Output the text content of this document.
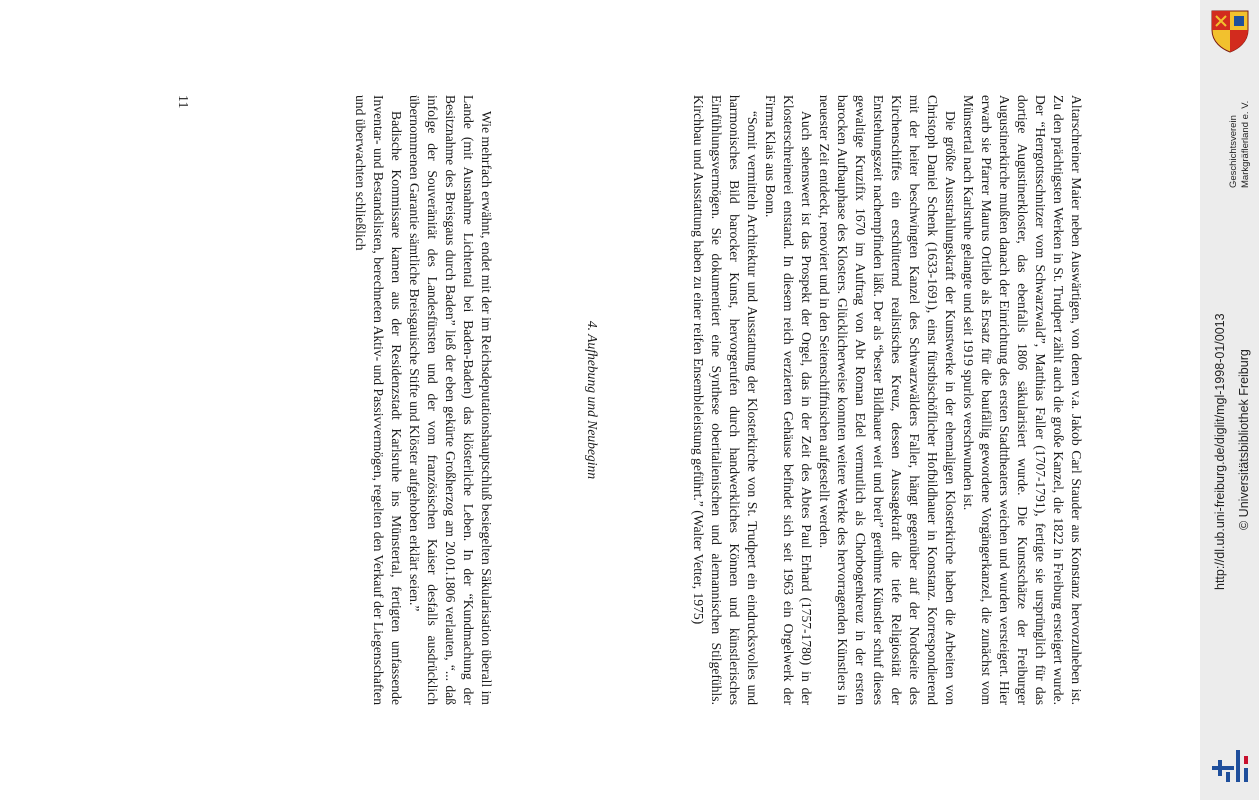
Altarschreiner Maier neben Auswärtigen, von denen v.a. Jakob Carl Stauder aus Konstanz hervorzuheben ist. Zu den prächtigsten Werken in St. Trudpert zählt auch die große Kanzel, die 1822 in Freiburg ersteigert wurde. Der “Herrgottsschnitzer vom Schwarzwald”, Matthias Faller (1707-1791), fertigte sie ursprünglich für das dortige Augustinerkloster, das ebenfalls 1806 säkularisiert wurde. Die Kunstschätze der Freiburger Augustinerkirche mußten danach der Einrichtung des ersten Stadttheaters weichen und wurden versteigert. Hier erwarb sie Pfarrer Maurus Ortlieb als Ersatz für die baufällig gewordene Vorgängerkanzel, die zunächst vom Münstertal nach Karlsruhe gelangte und seit 1919 spurlos verschwunden ist.

Die größte Ausstrahlungskraft der Kunstwerke in der ehemaligen Klosterkirche haben die Arbeiten von Christoph Daniel Schenk (1633-1691), einst fürstbischöflicher Hofbildhauer in Konstanz. Korrespondierend mit der heiter beschwingten Kanzel des Schwarzwälders Faller, hängt gegenüber auf der Nordseite des Kirchenschiffes ein erschütternd realistisches Kreuz, dessen Aussagekraft die tiefe Religiosität der Entstehungszeit nachempfinden läßt. Der als “bester Bildhauer weit und breit” gerühmte Künstler schuf dieses gewaltige Kruzifix 1670 im Auftrag von Abt Roman Edel vermutlich als Chorbogenkreuz in der ersten barocken Aufbauphase des Klosters. Glücklicherweise konnten weitere Werke des hervorragenden Künstlers in neuester Zeit entdeckt, renoviert und in den Seitenschiffnischen aufgestellt werden.

Auch sehenswert ist das Prospekt der Orgel, das in der Zeit des Abtes Paul Erhard (1757-1780) in der Klosterschreinerei entstand. In diesem reich verzierten Gehäuse befindet sich seit 1963 ein Orgelwerk der Firma Klais aus Bonn.

“Somit vermitteln Architektur und Ausstattung der Klosterkirche von St. Trudpert ein eindrucksvolles und harmonisches Bild barocker Kunst, hervorgerufen durch handwerkliches Können und künstlerisches Einfühlungsvermögen. Sie dokumentiert eine Synthese oberitalienischen und alemannischen Stilgefühls. Kirchbau und Ausstattung haben zu einer reifen Ensembleleistung geführt.” (Walter Vetter, 1975)

4. Aufhebung und Neubeginn

Wie mehrfach erwähnt, endet mit der im Reichsdeputationshauptschluß besiegelten Säkularisation überall im Lande (mit Ausnahme Lichtental bei Baden-Baden) das klösterliche Leben. In der “Kundmachung der Besitznahme des Breisgaus durch Baden” ließ der eben gekürte Großherzog am 20.01.1806 verlauten, “... daß infolge der Souveränität des Landesfürsten und der vom französischen Kaiser desfalls ausdrücklich übernommenen Garantie sämtliche Breisgauische Stifte und Klöster aufgehoben erklärt seien.”

Badische Kommissare kamen aus der Residenzstadt Karlsruhe ins Münstertal, fertigten umfassende Inventar- und Bestandslisten, berechneten Aktiv- und Passivvermögen, regelten den Verkauf der Liegenschaften und überwachten schließlich

11
Geschichtsverein Markgräflerland e. V.
http://dl.ub.uni-freiburg.de/diglit/mgl-1998-01/0013 © Universitätsbibliothek Freiburg
